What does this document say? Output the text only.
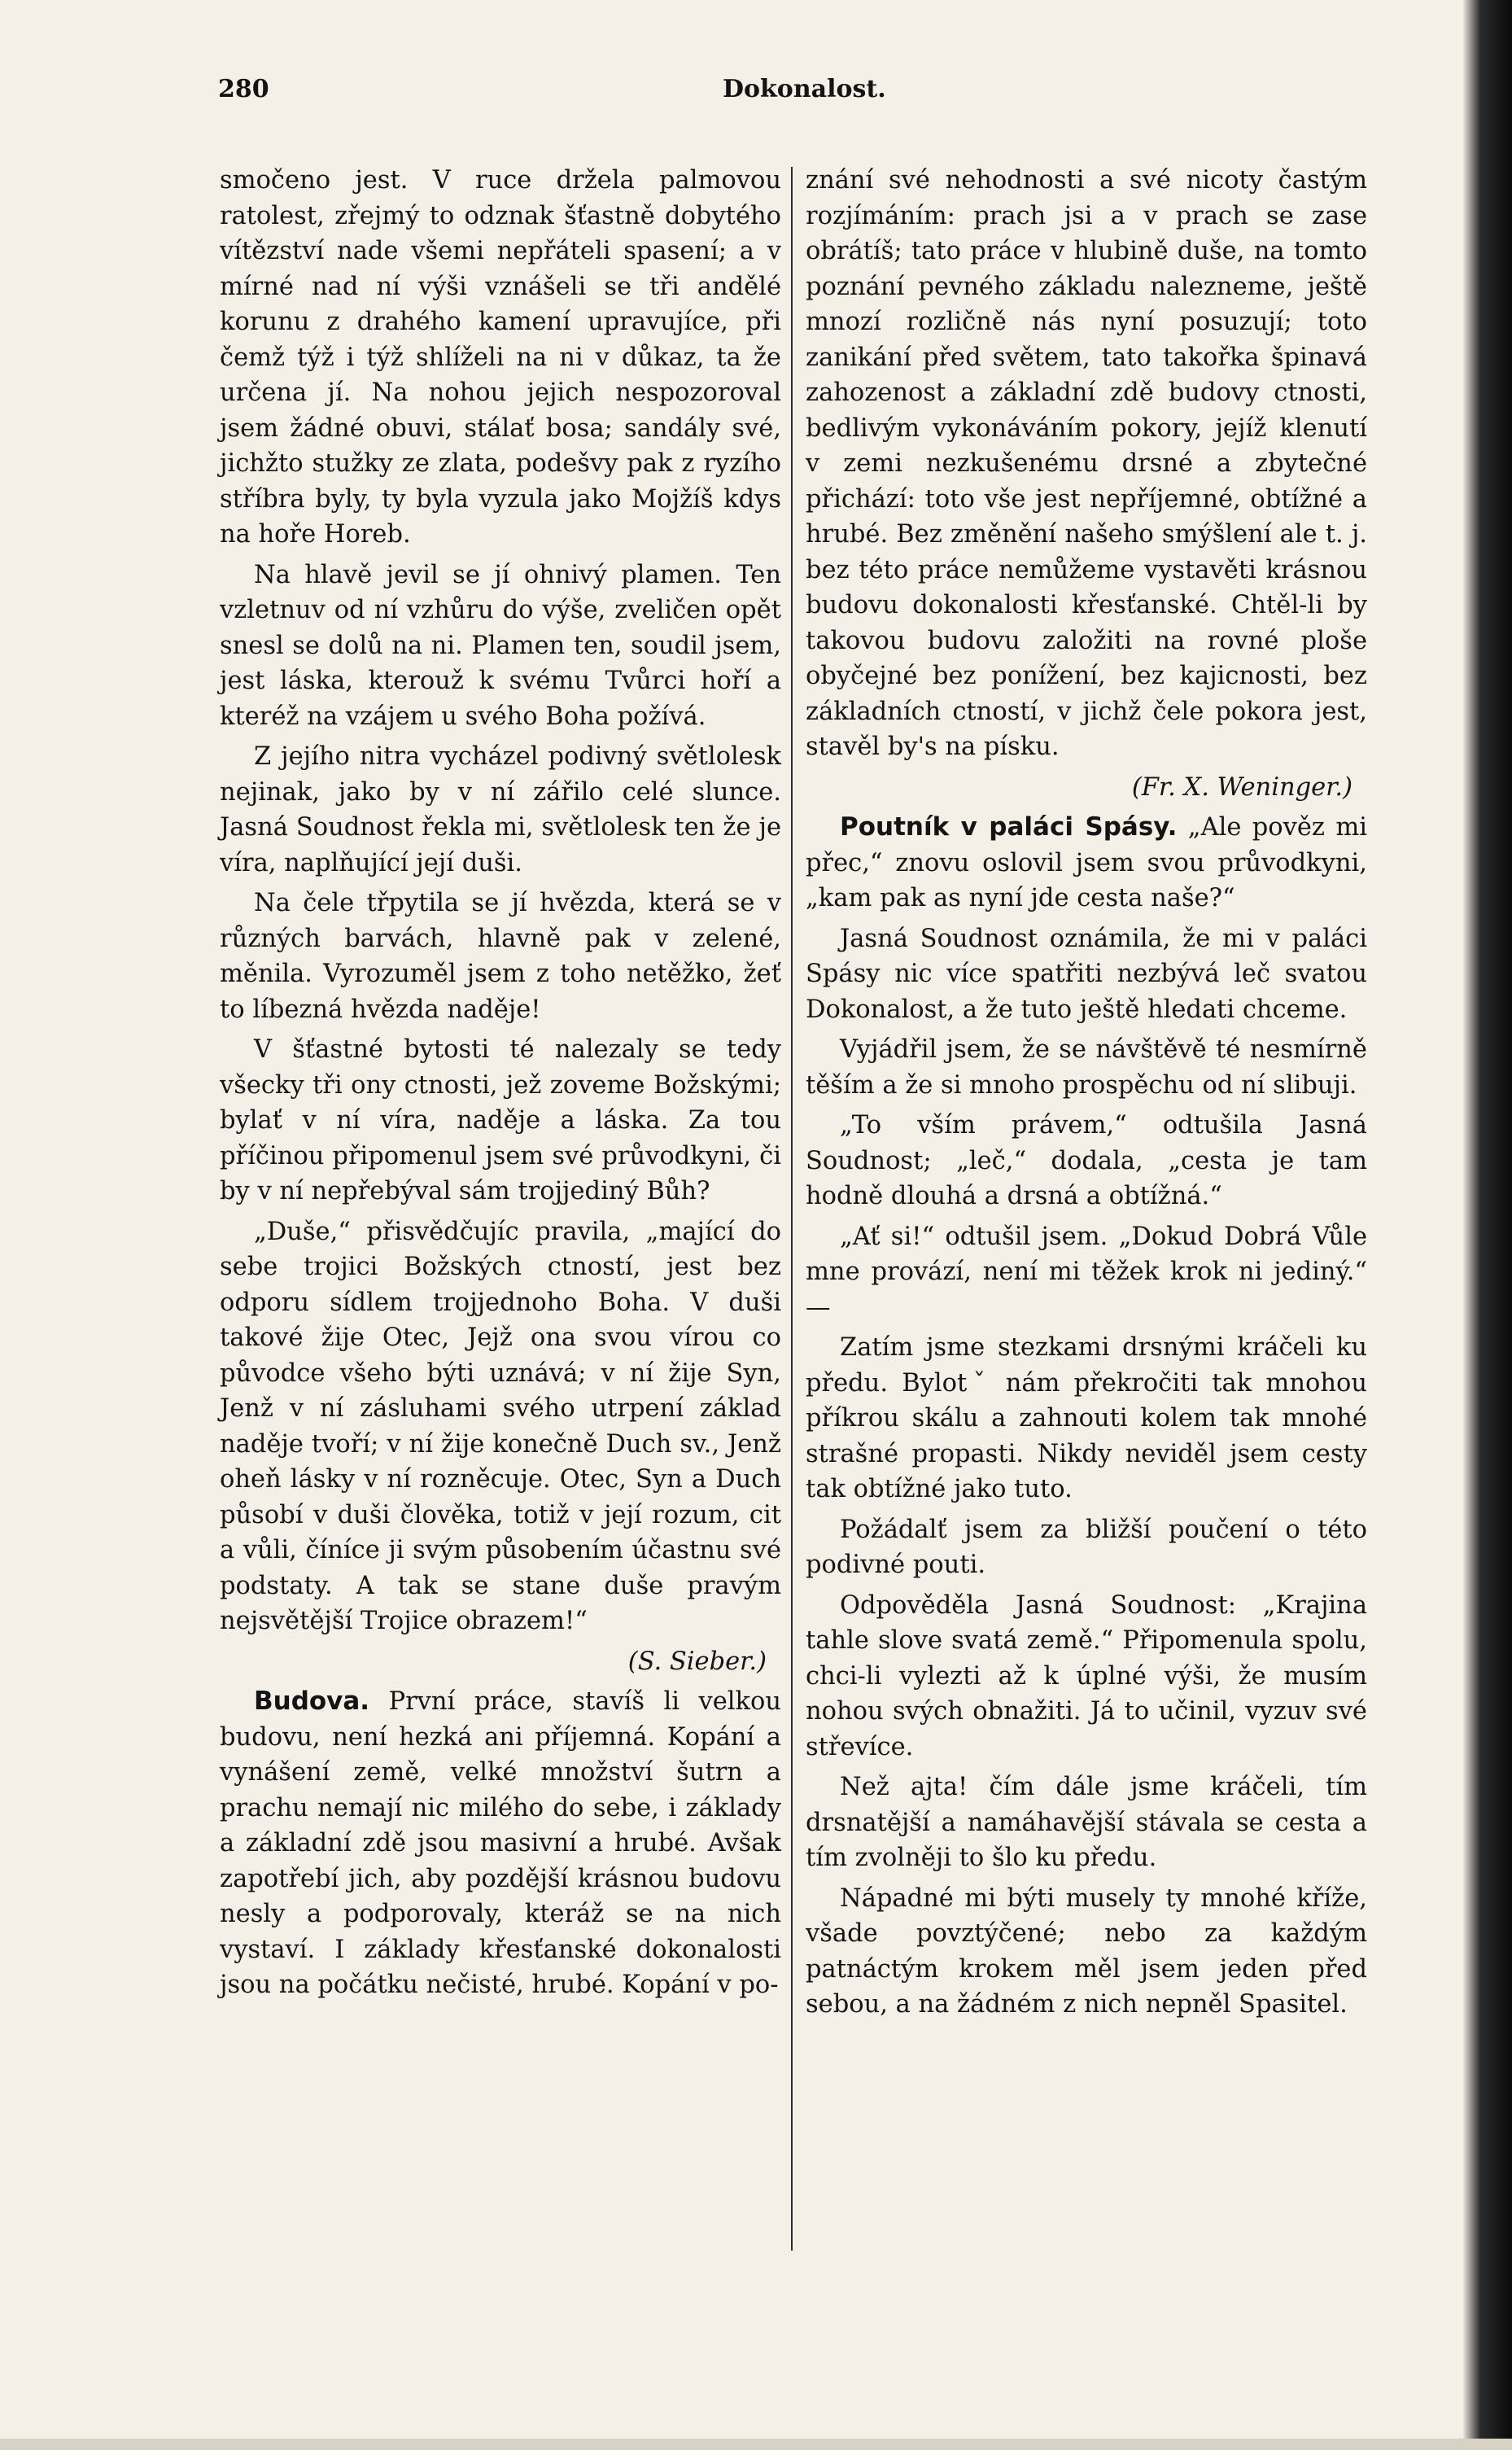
280	Dokonalost.

smočeno jest. V ruce držela palmovou ratolest, zřejmý to odznak šťastně dobytého vítězství nade všemi nepřáteli spasení; a v mírné nad ní výši vznášeli se tři andělé korunu z drahého kamení upravujíce, při čemž týž i týž shlíželi na ni v důkaz, ta že určena jí. Na nohou jejich nespozoroval jsem žádné obuvi, stálať bosa; sandály své, jichžto stužky ze zlata, podešvy pak z ryzího stříbra byly, ty byla vyzula jako Mojžíš kdys na hoře Horeb.

Na hlavě jevil se jí ohnivý plamen. Ten vzletnuv od ní vzhůru do výše, zveličen opět snesl se dolů na ni. Plamen ten, soudil jsem, jest láska, kterouž k svému Tvůrci hoří a kteréž na vzájem u svého Boha požívá.

Z jejího nitra vycházel podivný světlolesk nejinak, jako by v ní zářilo celé slunce. Jasná Soudnost řekla mi, světlolesk ten že je víra, naplňující její duši.

Na čele třpytila se jí hvězda, která se v různých barvách, hlavně pak v zelené, měnila. Vyrozuměl jsem z toho netěžko, žeť to líbezná hvězda naděje!

V šťastné bytosti té nalezaly se tedy všecky tři ony ctnosti, jež zoveme Božskými; bylať v ní víra, naděje a láska. Za tou příčinou připomenul jsem své průvodkyni, či by v ní nepřebýval sám trojjediný Bůh?

„Duše,“ přisvědčujíc pravila, „mající do sebe trojici Božských ctností, jest bez odporu sídlem trojjednoho Boha. V duši takové žije Otec, Jejž ona svou vírou co původce všeho býti uznává; v ní žije Syn, Jenž v ní zásluhami svého utrpení základ naděje tvoří; v ní žije konečně Duch sv., Jenž oheň lásky v ní rozněcuje. Otec, Syn a Duch působí v duši člověka, totiž v její rozum, cit a vůli, číníce ji svým působením účastnu své podstaty. A tak se stane duše pravým nejsvětější Trojice obrazem!“

(S. Sieber.)

Budova. První práce, stavíš li velkou budovu, není hezká ani příjemná. Kopání a vynášení země, velké množství šutrn a prachu nemají nic milého do sebe, i základy a základní zdě jsou masivní a hrubé. Avšak zapotřebí jich, aby pozdější krásnou budovu nesly a podporovaly, kteráž se na nich vystaví. I základy křesťanské dokonalosti jsou na počátku nečisté, hrubé. Kopání v po-

znání své nehodnosti a své nicoty častým rozjímáním: prach jsi a v prach se zase obrátíš; tato práce v hlubině duše, na tomto poznání pevného základu nalezneme, ještě mnozí rozličně nás nyní posuzují; toto zanikání před světem, tato takořka špinavá zahozenost a základní zdě budovy ctnosti, bedlivým vykonáváním pokory, jejíž klenutí v zemi nezkušenému drsné a zbytečné přichází: toto vše jest nepříjemné, obtížné a hrubé. Bez změnění našeho smýšlení ale t. j. bez této práce nemůžeme vystavěti krásnou budovu dokonalosti křesťanské. Chtěl-li by takovou budovu založiti na rovné ploše obyčejné bez ponížení, bez kajicnosti, bez základních ctností, v jichž čele pokora jest, stavěl by's na písku.

(Fr. X. Weninger.)

Poutník v paláci Spásy. „Ale pověz mi přec,“ znovu oslovil jsem svou průvodkyni, „kam pak as nyní jde cesta naše?“

Jasná Soudnost oznámila, že mi v paláci Spásy nic více spatřiti nezbývá leč svatou Dokonalost, a že tuto ještě hledati chceme.

Vyjádřil jsem, že se návštěvě té nesmírně těším a že si mnoho prospěchu od ní slibuji.

„To vším právem,“ odtušila Jasná Soudnost; „leč,“ dodala, „cesta je tam hodně dlouhá a drsná a obtížná.“

„Ať si!“ odtušil jsem. „Dokud Dobrá Vůle mne provází, není mi těžek krok ni jediný.“ —

Zatím jsme stezkami drsnými kráčeli ku předu. Bylotˇ nám překročiti tak mnohou příkrou skálu a zahnouti kolem tak mnohé strašné propasti. Nikdy neviděl jsem cesty tak obtížné jako tuto.

Požádalť jsem za bližší poučení o této podivné pouti.

Odpověděla Jasná Soudnost: „Krajina tahle slove svatá země.“ Připomenula spolu, chci-li vylezti až k úplné výši, že musím nohou svých obnažiti. Já to učinil, vyzuv své střevíce.

Než ajta! čím dále jsme kráčeli, tím drsnatější a namáhavější stávala se cesta a tím zvolněji to šlo ku předu.

Nápadné mi býti musely ty mnohé kříže, všade povztýčené; nebo za každým patnáctým krokem měl jsem jeden před sebou, a na žádném z nich nepněl Spasitel.
